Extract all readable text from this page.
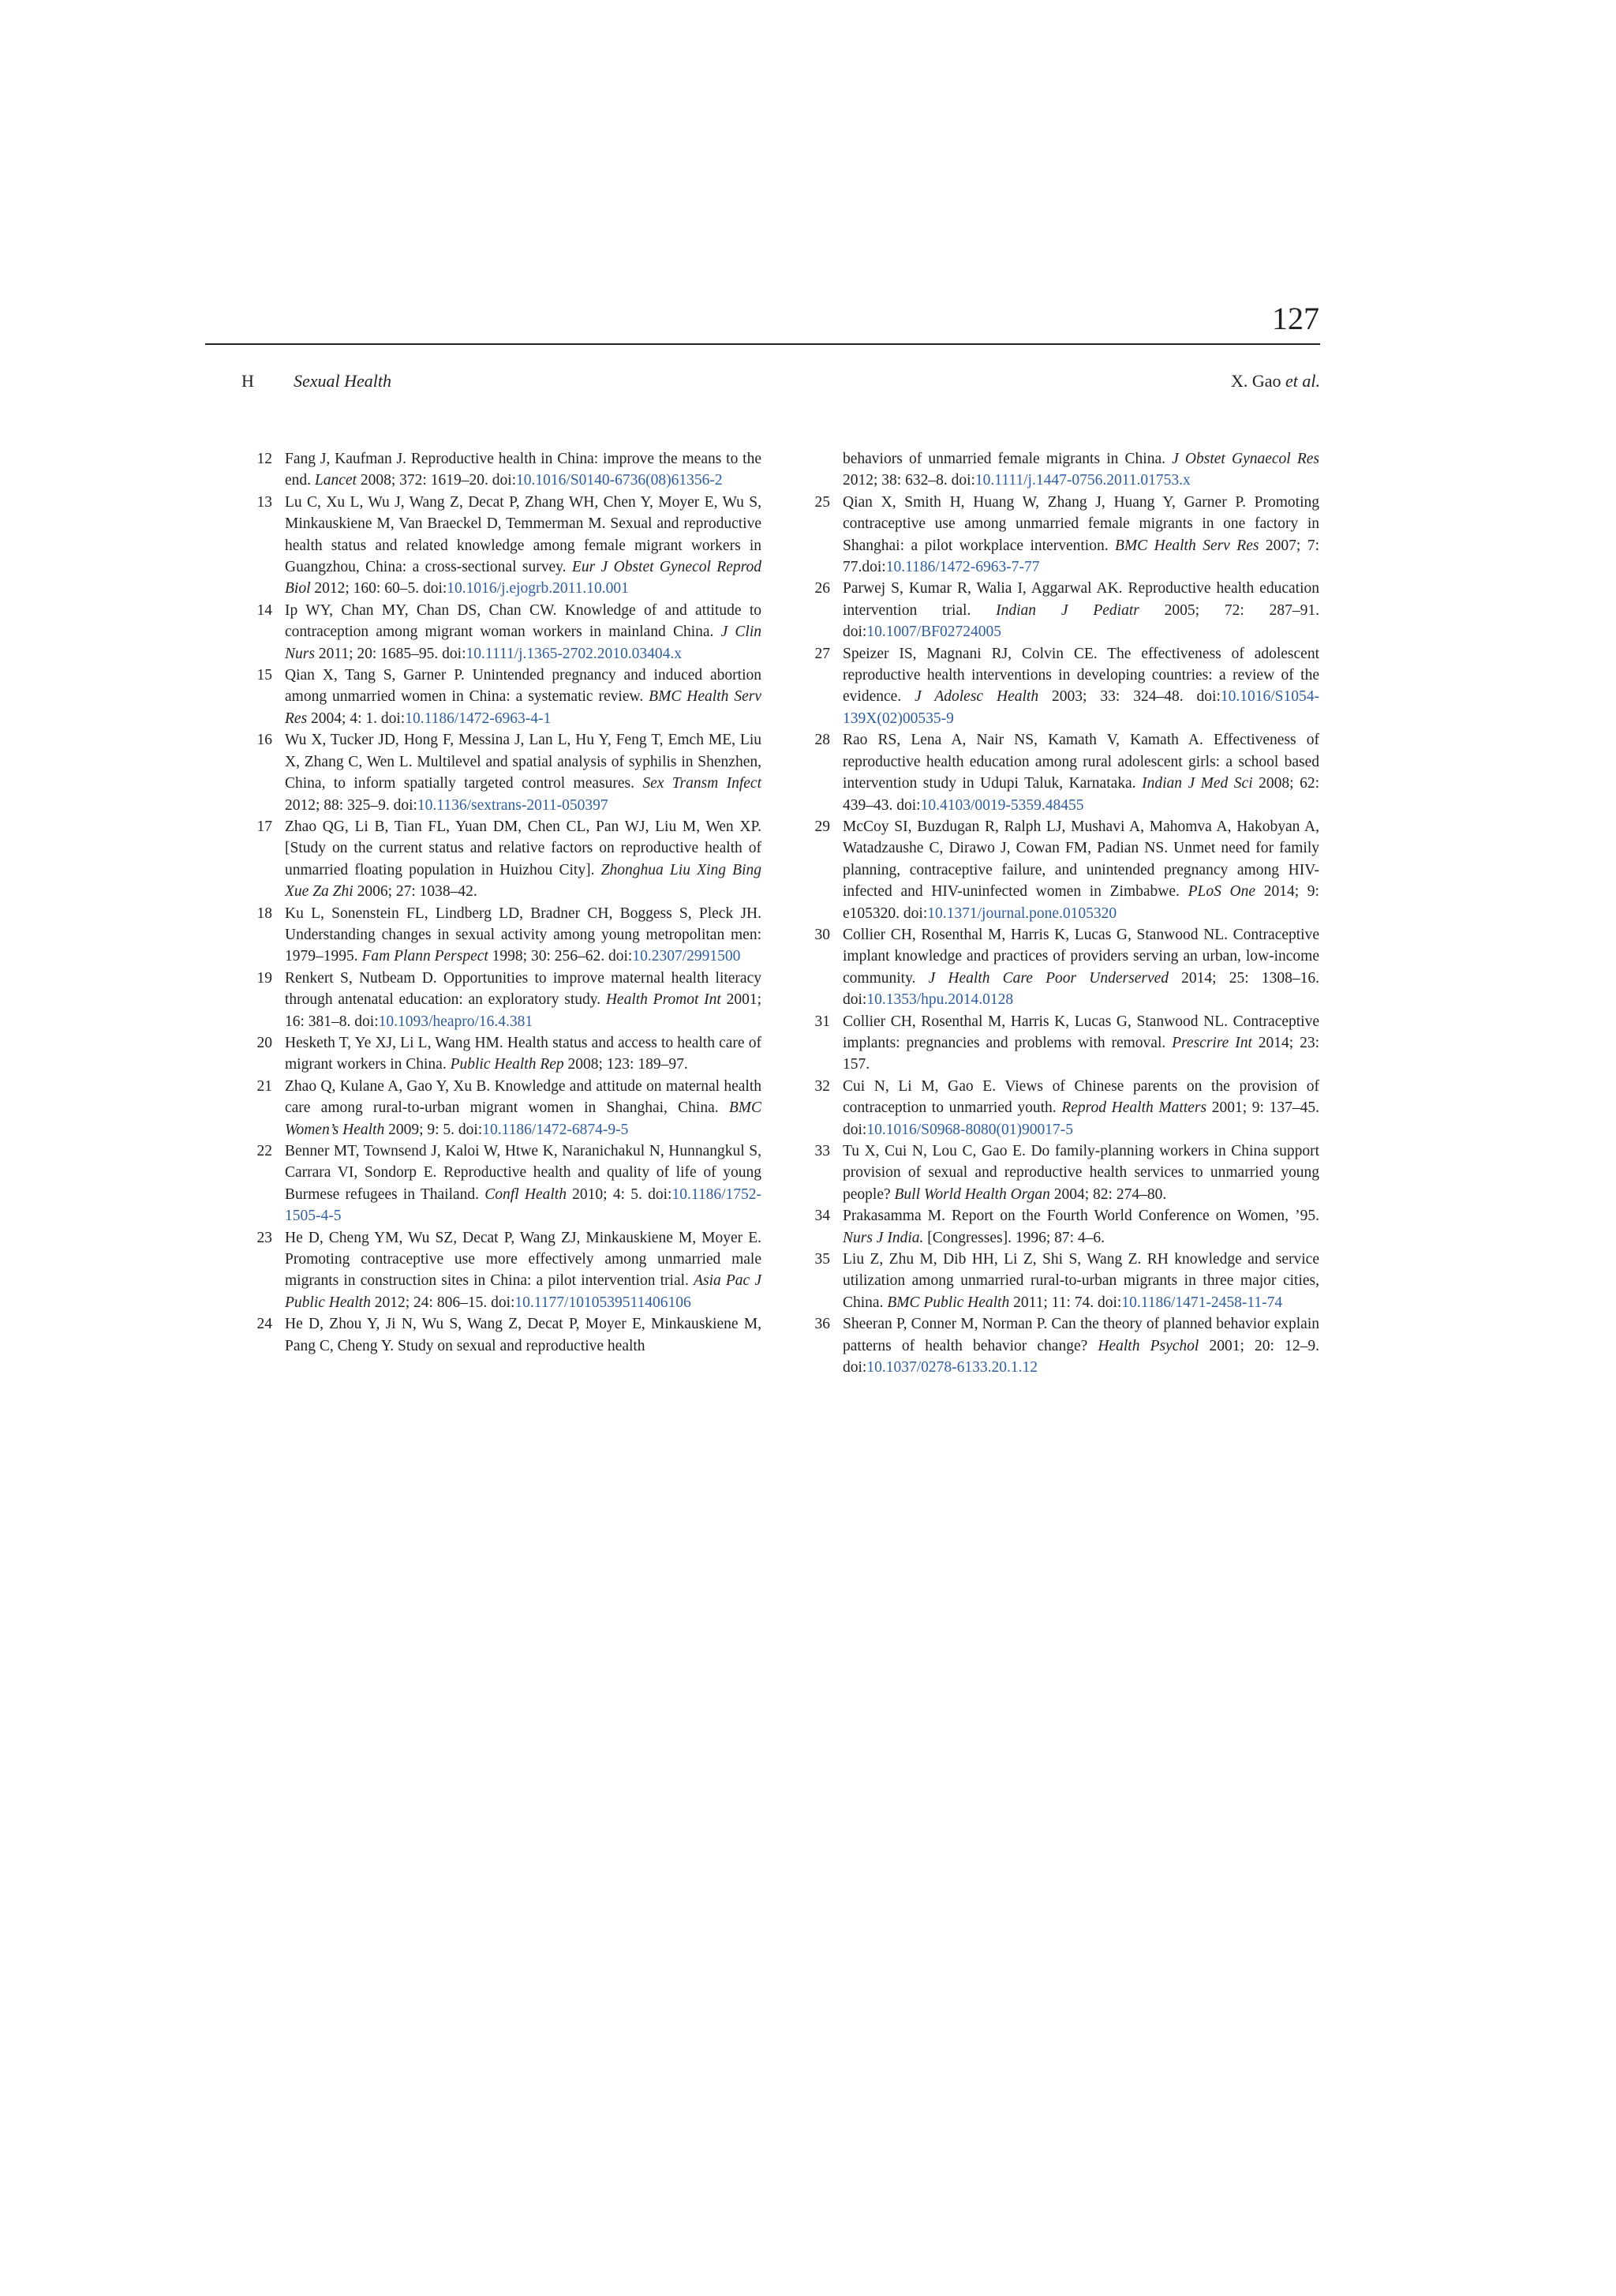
127
H Sexual Health	X. Gao et al.
12 Fang J, Kaufman J. Reproductive health in China: improve the means to the end. Lancet 2008; 372: 1619–20. doi:10.1016/S0140-6736(08)61356-2
13 Lu C, Xu L, Wu J, Wang Z, Decat P, Zhang WH, Chen Y, Moyer E, Wu S, Minkauskiene M, Van Braeckel D, Temmerman M. Sexual and reproductive health status and related knowledge among female migrant workers in Guangzhou, China: a cross-sectional survey. Eur J Obstet Gynecol Reprod Biol 2012; 160: 60–5. doi:10.1016/j.ejogrb.2011.10.001
14 Ip WY, Chan MY, Chan DS, Chan CW. Knowledge of and attitude to contraception among migrant woman workers in mainland China. J Clin Nurs 2011; 20: 1685–95. doi:10.1111/j.1365-2702.2010.03404.x
15 Qian X, Tang S, Garner P. Unintended pregnancy and induced abortion among unmarried women in China: a systematic review. BMC Health Serv Res 2004; 4: 1. doi:10.1186/1472-6963-4-1
16 Wu X, Tucker JD, Hong F, Messina J, Lan L, Hu Y, Feng T, Emch ME, Liu X, Zhang C, Wen L. Multilevel and spatial analysis of syphilis in Shenzhen, China, to inform spatially targeted control measures. Sex Transm Infect 2012; 88: 325–9. doi:10.1136/sextrans-2011-050397
17 Zhao QG, Li B, Tian FL, Yuan DM, Chen CL, Pan WJ, Liu M, Wen XP. [Study on the current status and relative factors on reproductive health of unmarried floating population in Huizhou City]. Zhonghua Liu Xing Bing Xue Za Zhi 2006; 27: 1038–42.
18 Ku L, Sonenstein FL, Lindberg LD, Bradner CH, Boggess S, Pleck JH. Understanding changes in sexual activity among young metropolitan men: 1979–1995. Fam Plann Perspect 1998; 30: 256–62. doi:10.2307/2991500
19 Renkert S, Nutbeam D. Opportunities to improve maternal health literacy through antenatal education: an exploratory study. Health Promot Int 2001; 16: 381–8. doi:10.1093/heapro/16.4.381
20 Hesketh T, Ye XJ, Li L, Wang HM. Health status and access to health care of migrant workers in China. Public Health Rep 2008; 123: 189–97.
21 Zhao Q, Kulane A, Gao Y, Xu B. Knowledge and attitude on maternal health care among rural-to-urban migrant women in Shanghai, China. BMC Women’s Health 2009; 9: 5. doi:10.1186/1472-6874-9-5
22 Benner MT, Townsend J, Kaloi W, Htwe K, Naranichakul N, Hunnangkul S, Carrara VI, Sondorp E. Reproductive health and quality of life of young Burmese refugees in Thailand. Confl Health 2010; 4: 5. doi:10.1186/1752-1505-4-5
23 He D, Cheng YM, Wu SZ, Decat P, Wang ZJ, Minkauskiene M, Moyer E. Promoting contraceptive use more effectively among unmarried male migrants in construction sites in China: a pilot intervention trial. Asia Pac J Public Health 2012; 24: 806–15. doi:10.1177/1010539511406106
24 He D, Zhou Y, Ji N, Wu S, Wang Z, Decat P, Moyer E, Minkauskiene M, Pang C, Cheng Y. Study on sexual and reproductive health
behaviors of unmarried female migrants in China. J Obstet Gynaecol Res 2012; 38: 632–8. doi:10.1111/j.1447-0756.2011.01753.x
25 Qian X, Smith H, Huang W, Zhang J, Huang Y, Garner P. Promoting contraceptive use among unmarried female migrants in one factory in Shanghai: a pilot workplace intervention. BMC Health Serv Res 2007; 7: 77.doi:10.1186/1472-6963-7-77
26 Parwej S, Kumar R, Walia I, Aggarwal AK. Reproductive health education intervention trial. Indian J Pediatr 2005; 72: 287–91. doi:10.1007/BF02724005
27 Speizer IS, Magnani RJ, Colvin CE. The effectiveness of adolescent reproductive health interventions in developing countries: a review of the evidence. J Adolesc Health 2003; 33: 324–48. doi:10.1016/S1054-139X(02)00535-9
28 Rao RS, Lena A, Nair NS, Kamath V, Kamath A. Effectiveness of reproductive health education among rural adolescent girls: a school based intervention study in Udupi Taluk, Karnataka. Indian J Med Sci 2008; 62: 439–43. doi:10.4103/0019-5359.48455
29 McCoy SI, Buzdugan R, Ralph LJ, Mushavi A, Mahomva A, Hakobyan A, Watadzaushe C, Dirawo J, Cowan FM, Padian NS. Unmet need for family planning, contraceptive failure, and unintended pregnancy among HIV-infected and HIV-uninfected women in Zimbabwe. PLoS One 2014; 9: e105320. doi:10.1371/journal.pone.0105320
30 Collier CH, Rosenthal M, Harris K, Lucas G, Stanwood NL. Contraceptive implant knowledge and practices of providers serving an urban, low-income community. J Health Care Poor Underserved 2014; 25: 1308–16. doi:10.1353/hpu.2014.0128
31 Collier CH, Rosenthal M, Harris K, Lucas G, Stanwood NL. Contraceptive implants: pregnancies and problems with removal. Prescrire Int 2014; 23: 157.
32 Cui N, Li M, Gao E. Views of Chinese parents on the provision of contraception to unmarried youth. Reprod Health Matters 2001; 9: 137–45. doi:10.1016/S0968-8080(01)90017-5
33 Tu X, Cui N, Lou C, Gao E. Do family-planning workers in China support provision of sexual and reproductive health services to unmarried young people? Bull World Health Organ 2004; 82: 274–80.
34 Prakasamma M. Report on the Fourth World Conference on Women, ’95. Nurs J India. [Congresses]. 1996; 87: 4–6.
35 Liu Z, Zhu M, Dib HH, Li Z, Shi S, Wang Z. RH knowledge and service utilization among unmarried rural-to-urban migrants in three major cities, China. BMC Public Health 2011; 11: 74. doi:10.1186/1471-2458-11-74
36 Sheeran P, Conner M, Norman P. Can the theory of planned behavior explain patterns of health behavior change? Health Psychol 2001; 20: 12–9. doi:10.1037/0278-6133.20.1.12
